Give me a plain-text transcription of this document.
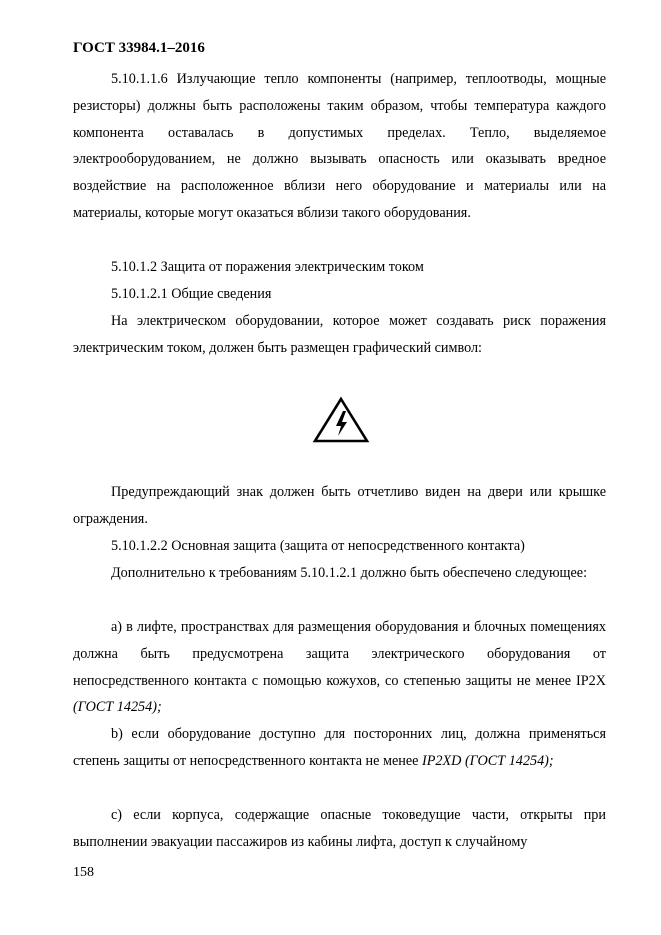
ГОСТ 33984.1–2016

5.10.1.1.6 Излучающие тепло компоненты (например, теплоотводы, мощные резисторы) должны быть расположены таким образом, чтобы температура каждого компонента оставалась в допустимых пределах. Тепло, выделяемое электрооборудованием, не должно вызывать опасность или оказывать вредное воздействие на расположенное вблизи него оборудование и материалы или на материалы, которые могут оказаться вблизи такого оборудования.

5.10.1.2 Защита от поражения электрическим током

5.10.1.2.1 Общие сведения

На электрическом оборудовании, которое может создавать риск поражения электрическим током, должен быть размещен графический символ:

Предупреждающий знак должен быть отчетливо виден на двери или крышке ограждения.

5.10.1.2.2 Основная защита (защита от непосредственного контакта)

Дополнительно к требованиям 5.10.1.2.1 должно быть обеспечено следующее:

а) в лифте, пространствах для размещения оборудования и блочных помещениях должна быть предусмотрена защита электрического оборудования от непосредственного контакта с помощью кожухов, со степенью защиты не менее IP2X (ГОСТ 14254);

b) если оборудование доступно для посторонних лиц, должна применяться степень защиты от непосредственного контакта не менее IP2XD (ГОСТ 14254);

с) если корпуса, содержащие опасные токоведущие части, открыты при выполнении эвакуации пассажиров из кабины лифта, доступ к случайному

158
